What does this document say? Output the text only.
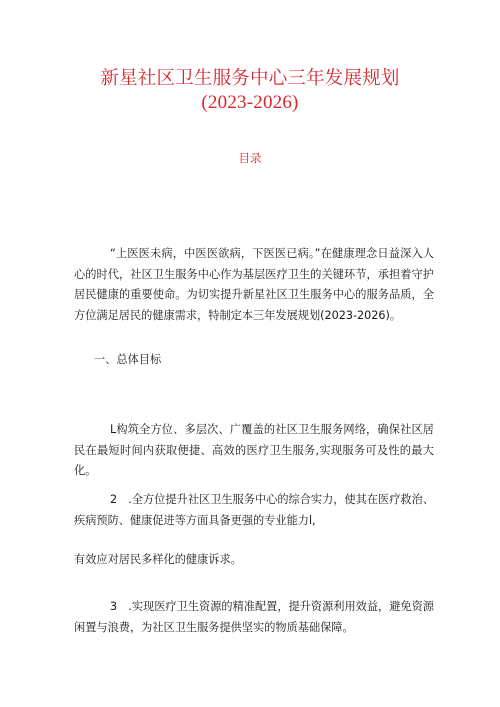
新星社区卫生服务中心三年发展规划
(2023-2026)
目录

“上医医未病，中医医欲病，下医医已病。”在健康理念日益深入人心的时代，社区卫生服务中心作为基层医疗卫生的关键环节，承担着守护居民健康的重要使命。为切实提升新星社区卫生服务中心的服务品质，全方位满足居民的健康需求，特制定本三年发展规划(2023-2026)。

一、总体目标

L构筑全方位、多层次、广覆盖的社区卫生服务网络，确保社区居民在最短时间内获取便捷、高效的医疗卫生服务,实现服务可及性的最大化。

2　.全方位提升社区卫生服务中心的综合实力，使其在医疗救治、疾病预防、健康促进等方面具备更强的专业能力l,

有效应对居民多样化的健康诉求。

3　.实现医疗卫生资源的精准配置，提升资源利用效益，避免资源闲置与浪费，为社区卫生服务提供坚实的物质基础保障。
